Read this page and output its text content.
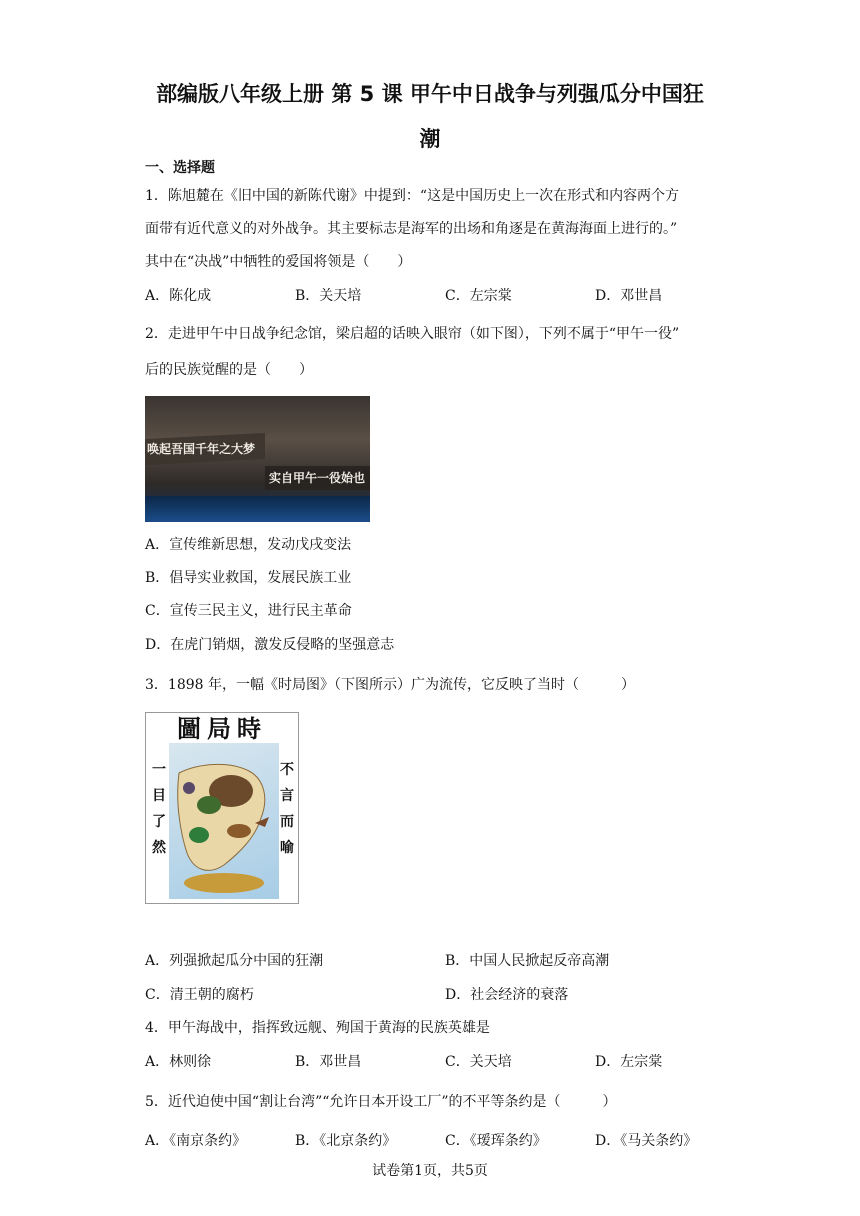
部编版八年级上册 第 5 课 甲午中日战争与列强瓜分中国狂
潮
一、选择题
1．陈旭麓在《旧中国的新陈代谢》中提到：“这是中国历史上一次在形式和内容两个方
面带有近代意义的对外战争。其主要标志是海军的出场和角逐是在黄海海面上进行的。”
其中在“决战”中牺牲的爱国将领是（　　）
A．陈化成	B．关天培	C．左宗棠	D．邓世昌
2．走进甲午中日战争纪念馆，梁启超的话映入眼帘（如下图），下列不属于“甲午一役”
后的民族觉醒的是（　　）
唤起吾国千年之大梦
实自甲午一役始也
A．宣传维新思想，发动戊戌变法
B．倡导实业救国，发展民族工业
C．宣传三民主义，进行民主革命
D．在虎门销烟，激发反侵略的坚强意志
3．1898 年，一幅《时局图》（下图所示）广为流传，它反映了当时（　　　）
圖局時
一目了然
不言而喻
A．列强掀起瓜分中国的狂潮	B．中国人民掀起反帝高潮
C．清王朝的腐朽	D．社会经济的衰落
4．甲午海战中，指挥致远舰、殉国于黄海的民族英雄是
A．林则徐	B．邓世昌	C．关天培	D．左宗棠
5．近代迫使中国“割让台湾”“允许日本开设工厂”的不平等条约是（　　　）
A．《南京条约》	B．《北京条约》	C．《瑷珲条约》	D．《马关条约》
试卷第1页，共5页
